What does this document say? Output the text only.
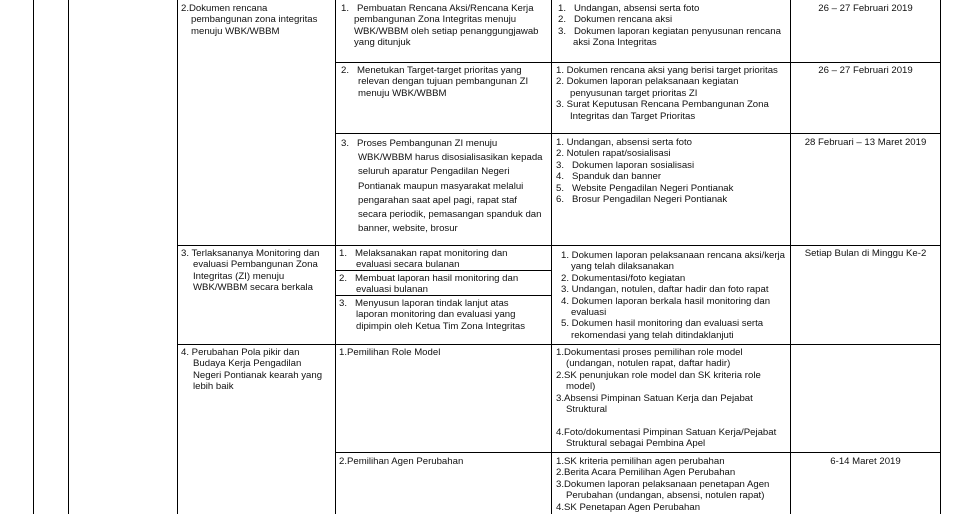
2.Dokumen rencana
pembangunan zona integritas
menuju WBK/WBBM
1.   Pembuatan Rencana Aksi/Rencana Kerja
pembangunan Zona Integritas menuju
WBK/WBBM oleh setiap penanggungjawab
yang ditunjuk
2.   Menetukan Target-target prioritas yang
relevan dengan tujuan pembangunan ZI
menuju WBK/WBBM
3.   Proses Pembangunan ZI menuju
WBK/WBBM harus disosialisasikan kepada
seluruh aparatur Pengadilan Negeri
Pontianak maupun masyarakat melalui
pengarahan saat apel pagi, rapat staf
secara periodik, pemasangan spanduk dan
banner, website, brosur
1.   Undangan, absensi serta foto
2.   Dokumen rencana aksi
3.   Dokumen laporan kegiatan penyusunan rencana
aksi Zona Integritas
1. Dokumen rencana aksi yang berisi target prioritas
2. Dokumen laporan pelaksanaan kegiatan
penyusunan target prioritas ZI
3. Surat Keputusan Rencana Pembangunan Zona
Integritas dan Target Prioritas
1. Undangan, absensi serta foto
2. Notulen rapat/sosialisasi
3.   Dokumen laporan sosialisasi
4.   Spanduk dan banner
5.   Website Pengadilan Negeri Pontianak
6.   Brosur Pengadilan Negeri Pontianak
26 – 27 Februari 2019
26 – 27 Februari 2019
28 Februari – 13 Maret 2019
3. Terlaksananya Monitoring dan
evaluasi Pembangunan Zona
Integritas (ZI) menuju
WBK/WBBM secara berkala
1.   Melaksanakan rapat monitoring dan
evaluasi secara bulanan
2.   Membuat laporan hasil monitoring dan
evaluasi bulanan
3.   Menyusun laporan tindak lanjut atas
laporan monitoring dan evaluasi yang
dipimpin oleh Ketua Tim Zona Integritas
1. Dokumen laporan pelaksanaan rencana aksi/kerja
yang telah dilaksanakan
2. Dokumentasi/foto kegiatan
3. Undangan, notulen, daftar hadir dan foto rapat
4. Dokumen laporan berkala hasil monitoring dan
evaluasi
5. Dokumen hasil monitoring dan evaluasi serta
rekomendasi yang telah ditindaklanjuti
Setiap Bulan di Minggu Ke-2
4. Perubahan Pola pikir dan
Budaya Kerja Pengadilan
Negeri Pontianak kearah yang
lebih baik
1.Pemilihan Role Model
2.Pemilihan Agen Perubahan
1.Dokumentasi proses pemilihan role model
(undangan, notulen rapat, daftar hadir)
2.SK penunjukan role model dan SK kriteria role
model)
3.Absensi Pimpinan Satuan Kerja dan Pejabat
Struktural
4.Foto/dokumentasi Pimpinan Satuan Kerja/Pejabat
Struktural sebagai Pembina Apel
1.SK kriteria pemilihan agen perubahan
2.Berita Acara Pemilihan Agen Perubahan
3.Dokumen laporan pelaksanaan penetapan Agen
Perubahan (undangan, absensi, notulen rapat)
4.SK Penetapan Agen Perubahan
6-14 Maret 2019
